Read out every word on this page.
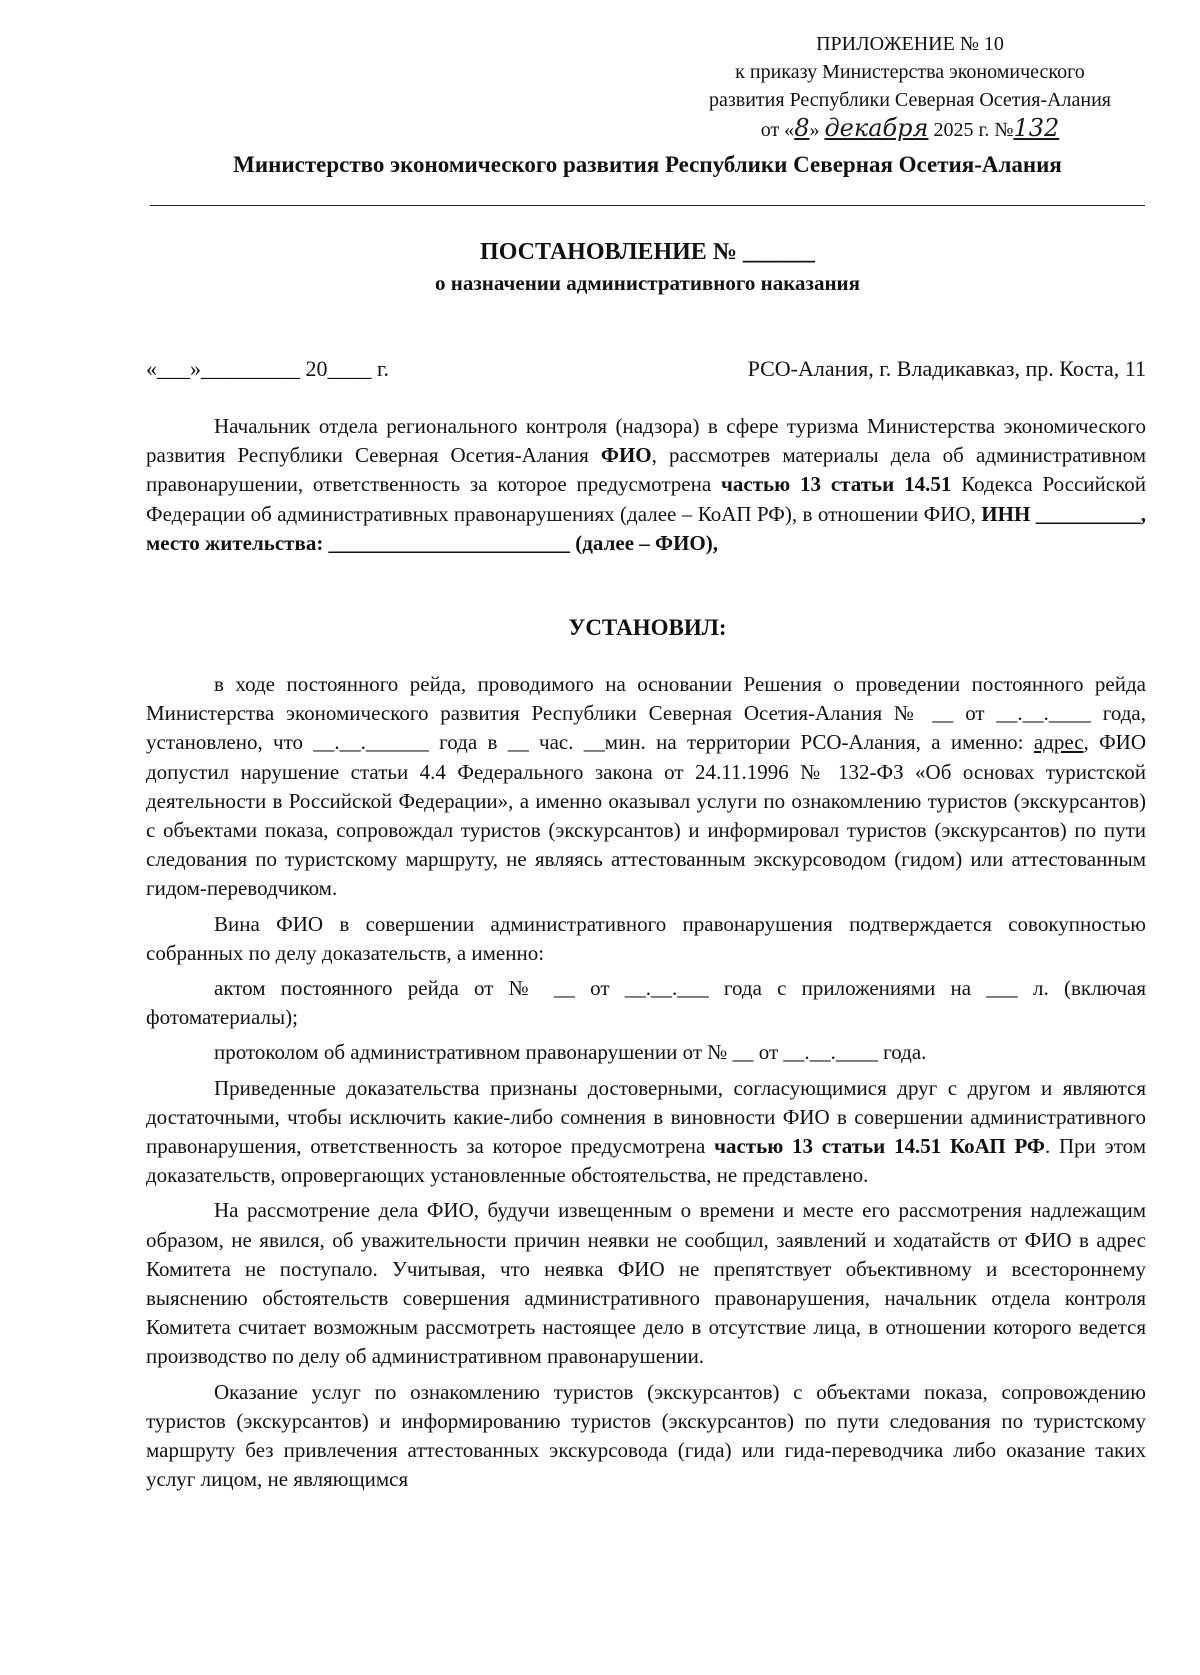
ПРИЛОЖЕНИЕ № 10
к приказу Министерства экономического
развития Республики Северная Осетия-Алания
от «8» декабря 2025 г. №132
Министерство экономического развития Республики Северная Осетия-Алания
ПОСТАНОВЛЕНИЕ № ______
о назначении административного наказания
«___»_________ 20____ г.	РСО-Алания, г. Владикавказ, пр. Коста, 11

Начальник отдела регионального контроля (надзора) в сфере туризма Министерства экономического развития Республики Северная Осетия-Алания ФИО, рассмотрев материалы дела об административном правонарушении, ответственность за которое предусмотрена частью 13 статьи 14.51 Кодекса Российской Федерации об административных правонарушениях (далее – КоАП РФ), в отношении ФИО, ИНН __________, место жительства: _______________________ (далее – ФИО),

УСТАНОВИЛ:

в ходе постоянного рейда, проводимого на основании Решения о проведении постоянного рейда Министерства экономического развития Республики Северная Осетия-Алания № __ от __.__.____ года, установлено, что __.__.______ года в __ час. __мин. на территории РСО-Алания, а именно: адрес, ФИО допустил нарушение статьи 4.4 Федерального закона от 24.11.1996 № 132-ФЗ «Об основах туристской деятельности в Российской Федерации», а именно оказывал услуги по ознакомлению туристов (экскурсантов) с объектами показа, сопровождал туристов (экскурсантов) и информировал туристов (экскурсантов) по пути следования по туристскому маршруту, не являясь аттестованным экскурсоводом (гидом) или аттестованным гидом-переводчиком.

Вина ФИО в совершении административного правонарушения подтверждается совокупностью собранных по делу доказательств, а именно:

актом постоянного рейда от № __ от __.__.___ года с приложениями на ___ л. (включая фотоматериалы);

протоколом об административном правонарушении от № __ от __.__.____ года.

Приведенные доказательства признаны достоверными, согласующимися друг с другом и являются достаточными, чтобы исключить какие-либо сомнения в виновности ФИО в совершении административного правонарушения, ответственность за которое предусмотрена частью 13 статьи 14.51 КоАП РФ. При этом доказательств, опровергающих установленные обстоятельства, не представлено.

На рассмотрение дела ФИО, будучи извещенным о времени и месте его рассмотрения надлежащим образом, не явился, об уважительности причин неявки не сообщил, заявлений и ходатайств от ФИО в адрес Комитета не поступало. Учитывая, что неявка ФИО не препятствует объективному и всестороннему выяснению обстоятельств совершения административного правонарушения, начальник отдела контроля Комитета считает возможным рассмотреть настоящее дело в отсутствие лица, в отношении которого ведется производство по делу об административном правонарушении.

Оказание услуг по ознакомлению туристов (экскурсантов) с объектами показа, сопровождению туристов (экскурсантов) и информированию туристов (экскурсантов) по пути следования по туристскому маршруту без привлечения аттестованных экскурсовода (гида) или гида-переводчика либо оказание таких услуг лицом, не являющимся
